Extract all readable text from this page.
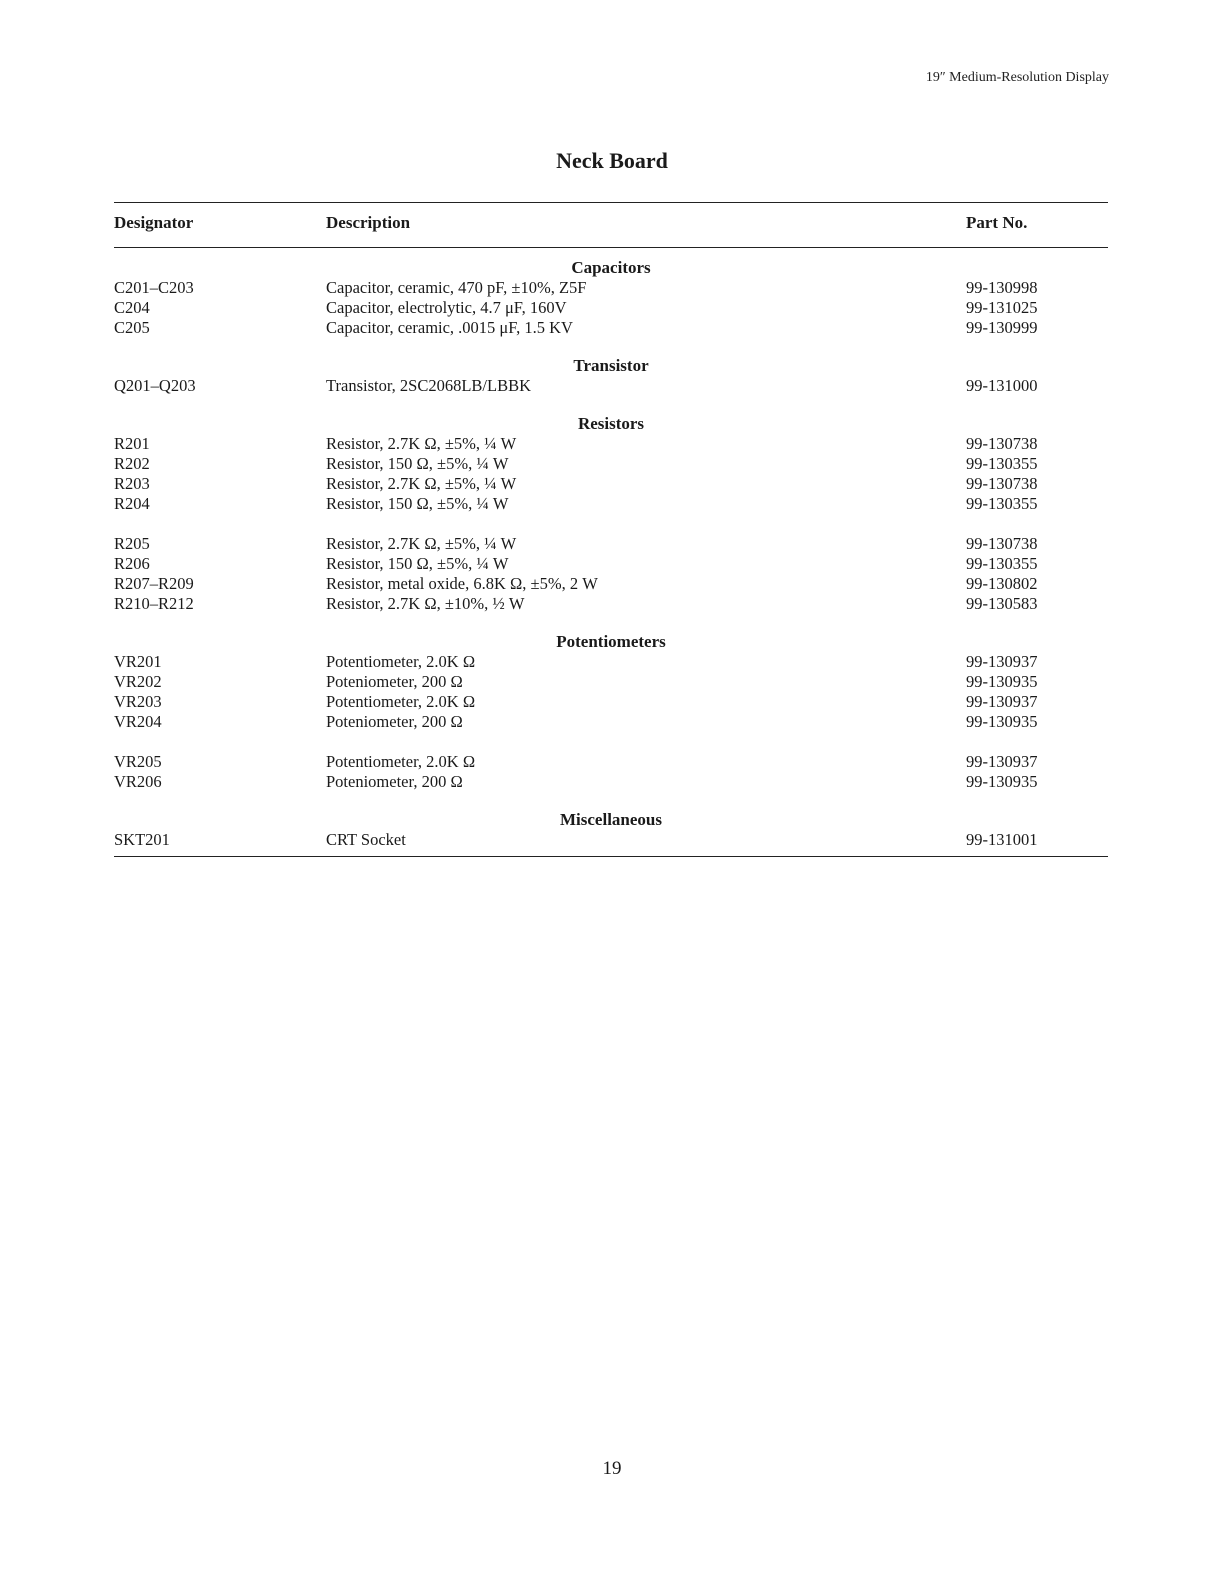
19″ Medium-Resolution Display
Neck Board
Designator	Description	Part No.
Capacitors
C201–C203	Capacitor, ceramic, 470 pF, ±10%, Z5F	99-130998
C204	Capacitor, electrolytic, 4.7 μF, 160V	99-131025
C205	Capacitor, ceramic, .0015 μF, 1.5 KV	99-130999
Transistor
Q201–Q203	Transistor, 2SC2068LB/LBBK	99-131000
Resistors
R201	Resistor, 2.7K Ω, ±5%, ¼ W	99-130738
R202	Resistor, 150 Ω, ±5%, ¼ W	99-130355
R203	Resistor, 2.7K Ω, ±5%, ¼ W	99-130738
R204	Resistor, 150 Ω, ±5%, ¼ W	99-130355
R205	Resistor, 2.7K Ω, ±5%, ¼ W	99-130738
R206	Resistor, 150 Ω, ±5%, ¼ W	99-130355
R207–R209	Resistor, metal oxide, 6.8K Ω, ±5%, 2 W	99-130802
R210–R212	Resistor, 2.7K Ω, ±10%, ½ W	99-130583
Potentiometers
VR201	Potentiometer, 2.0K Ω	99-130937
VR202	Poteniometer, 200 Ω	99-130935
VR203	Potentiometer, 2.0K Ω	99-130937
VR204	Poteniometer, 200 Ω	99-130935
VR205	Potentiometer, 2.0K Ω	99-130937
VR206	Poteniometer, 200 Ω	99-130935
Miscellaneous
SKT201	CRT Socket	99-131001
19
